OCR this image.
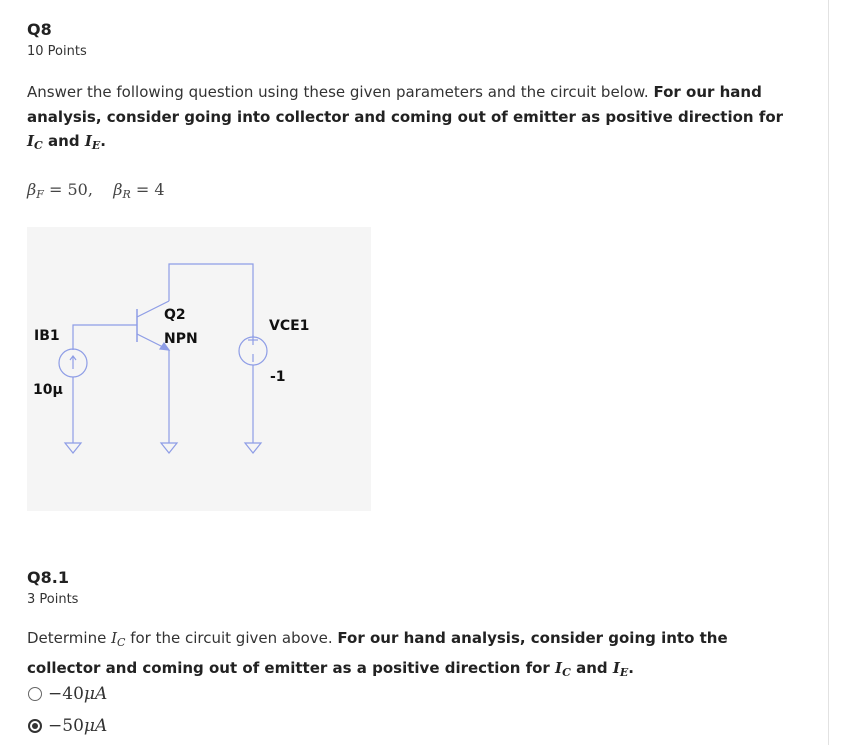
Q8
10 Points
Answer the following question using these given parameters and the circuit below. For our hand analysis, consider going into collector and coming out of emitter as positive direction for $I_C$ and $I_E$.
$\beta_F = 50$, $\beta_R = 4$
IB1
10μ
Q2
NPN
VCE1
-1
Q8.1
3 Points
Determine $I_C$ for the circuit given above. For our hand analysis, consider going into the collector and coming out of emitter as a positive direction for $I_C$ and $I_E$.
−40μA
−50μA
